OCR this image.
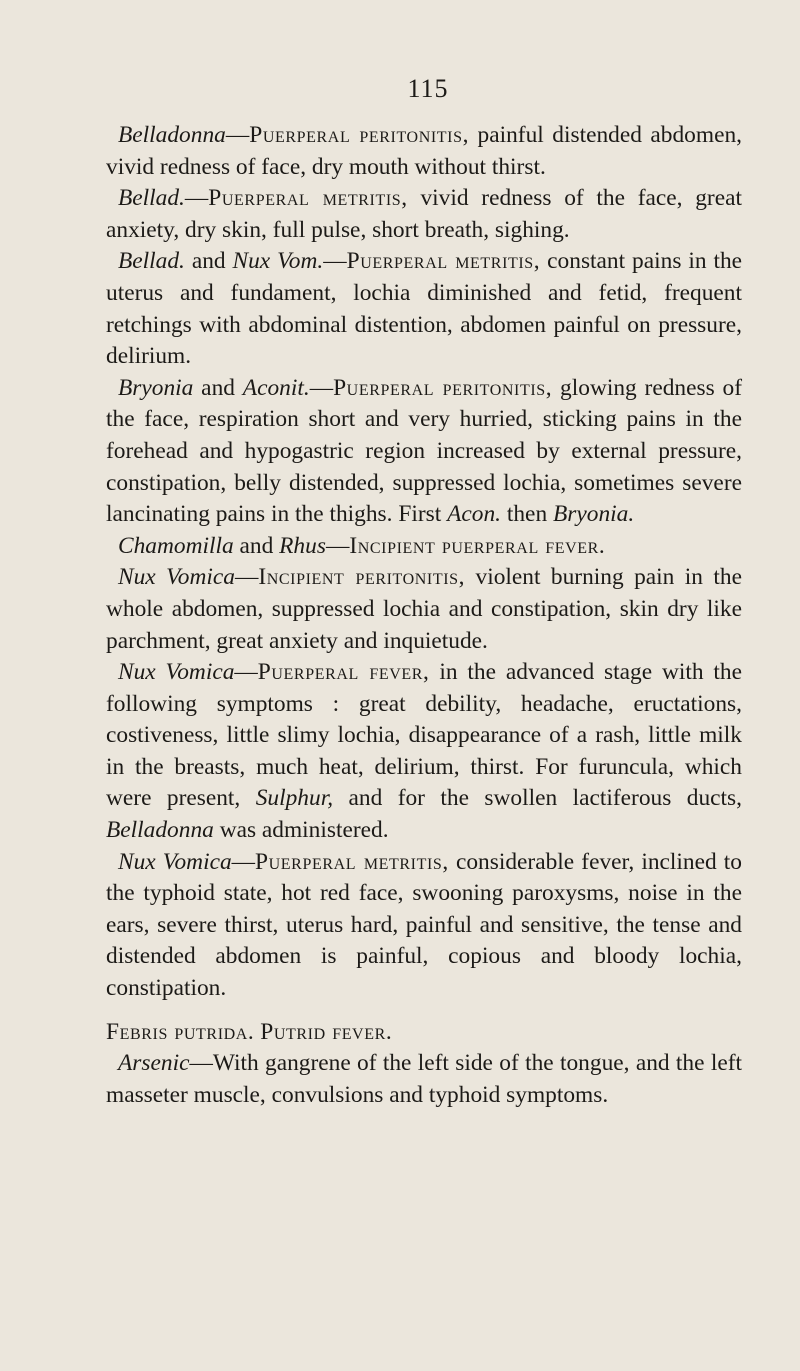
115

Belladonna—Puerperal peritonitis, painful distended abdomen, vivid redness of face, dry mouth without thirst.

Bellad.—Puerperal metritis, vivid redness of the face, great anxiety, dry skin, full pulse, short breath, sighing.

Bellad. and Nux Vom.—Puerperal metritis, constant pains in the uterus and fundament, lochia diminished and fetid, frequent retchings with abdominal distention, abdomen painful on pressure, delirium.

Bryonia and Aconit.—Puerperal peritonitis, glowing redness of the face, respiration short and very hurried, sticking pains in the forehead and hypogastric region increased by external pressure, constipation, belly distended, suppressed lochia, sometimes severe lancinating pains in the thighs. First Acon. then Bryonia.

Chamomilla and Rhus—Incipient puerperal fever.

Nux Vomica—Incipient peritonitis, violent burning pain in the whole abdomen, suppressed lochia and constipation, skin dry like parchment, great anxiety and inquietude.

Nux Vomica—Puerperal fever, in the advanced stage with the following symptoms : great debility, headache, eructations, costiveness, little slimy lochia, disappearance of a rash, little milk in the breasts, much heat, delirium, thirst. For furuncula, which were present, Sulphur, and for the swollen lactiferous ducts, Belladonna was administered.

Nux Vomica—Puerperal metritis, considerable fever, inclined to the typhoid state, hot red face, swooning paroxysms, noise in the ears, severe thirst, uterus hard, painful and sensitive, the tense and distended abdomen is painful, copious and bloody lochia, constipation.

Febris putrida. Putrid fever.

Arsenic—With gangrene of the left side of the tongue, and the left masseter muscle, convulsions and typhoid symptoms.
